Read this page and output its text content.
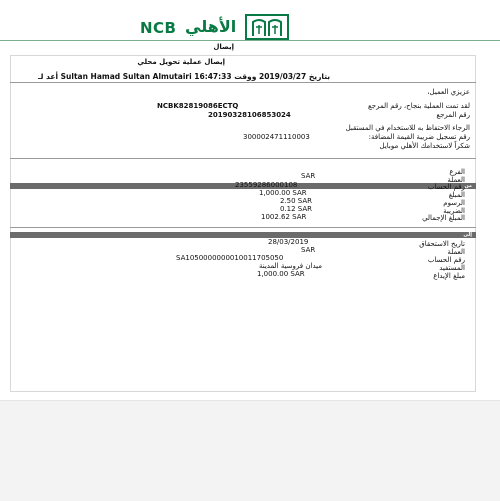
NCB الأهلي
إيصال
إيصال عملية تحويل محلي
أعد لـ Sultan Hamad Sultan Almutairi بتاريخ 2019/03/27 ووقت 16:47:33
عزيزي العميل،
لقد تمت العملية بنجاح، رقم المرجع
رقم المرجع
NCBK82819086ECTQ
20190328106853024
الرجاء الاحتفاظ به للاستخدام في المستقبل
رقم تسجيل ضريبة القيمة المضافة:
300002471110003
شكراً لاستخدامك الأهلي موبايل
من
الفرع
العملة
SAR
رقم الحساب
23559286000108
المبلغ
1,000.00 SAR
الرسوم
2.50 SAR
الضريبة
0.12 SAR
المبلغ الإجمالي
1002.62 SAR
إلى
تاريخ الاستحقاق
28/03/2019
العملة
SAR
رقم الحساب
SA1050000000010011705050
المستفيد
ميدان فروسية المدينة
مبلغ الإيداع
1,000.00 SAR
